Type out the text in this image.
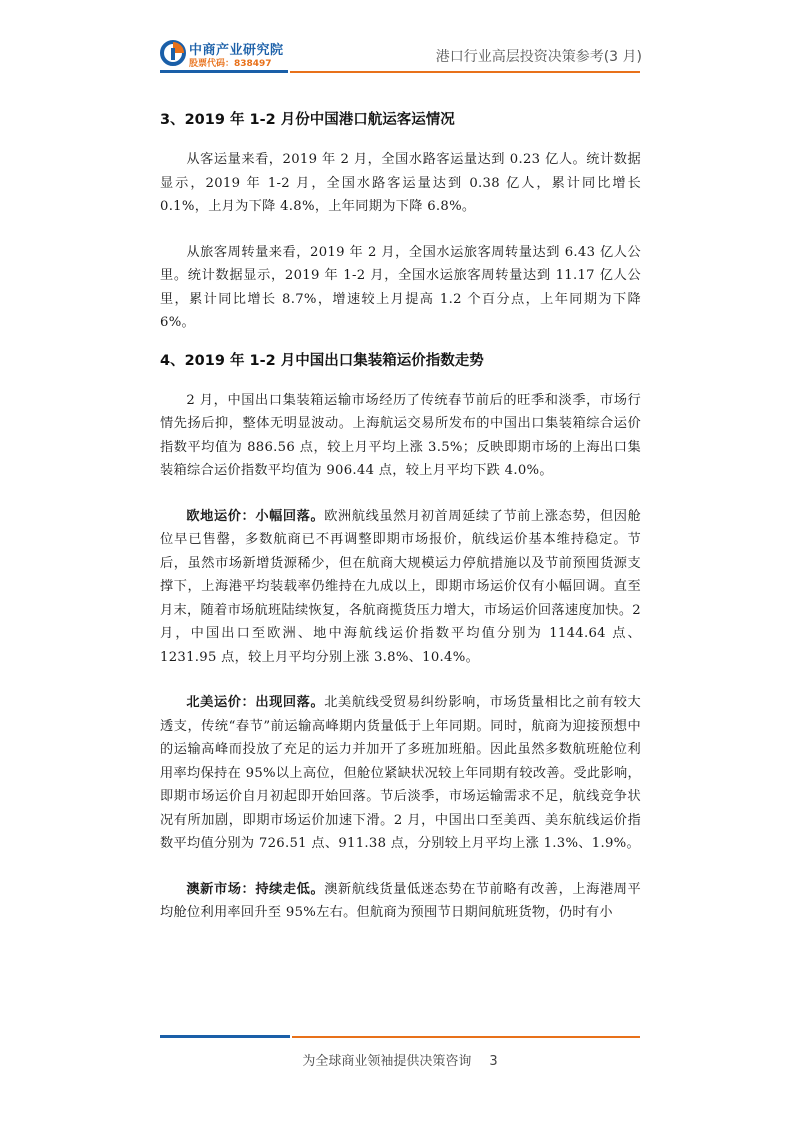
中商产业研究院
股票代码：838497	港口行业高层投资决策参考(3 月)
3、2019 年 1-2 月份中国港口航运客运情况

从客运量来看，2019 年 2 月，全国水路客运量达到 0.23 亿人。统计数据显示，2019 年 1-2 月，全国水路客运量达到 0.38 亿人，累计同比增长 0.1%，上月为下降 4.8%，上年同期为下降 6.8%。

从旅客周转量来看，2019 年 2 月，全国水运旅客周转量达到 6.43 亿人公里。统计数据显示，2019 年 1-2 月，全国水运旅客周转量达到 11.17 亿人公里，累计同比增长 8.7%，增速较上月提高 1.2 个百分点，上年同期为下降 6%。

4、2019 年 1-2 月中国出口集装箱运价指数走势

2 月，中国出口集装箱运输市场经历了传统春节前后的旺季和淡季，市场行情先扬后抑，整体无明显波动。上海航运交易所发布的中国出口集装箱综合运价指数平均值为 886.56 点，较上月平均上涨 3.5%；反映即期市场的上海出口集装箱综合运价指数平均值为 906.44 点，较上月平均下跌 4.0%。

欧地运价：小幅回落。欧洲航线虽然月初首周延续了节前上涨态势，但因舱位早已售罄，多数航商已不再调整即期市场报价，航线运价基本维持稳定。节后，虽然市场新增货源稀少，但在航商大规模运力停航措施以及节前预囤货源支撑下，上海港平均装载率仍维持在九成以上，即期市场运价仅有小幅回调。直至月末，随着市场航班陆续恢复，各航商揽货压力增大，市场运价回落速度加快。2 月，中国出口至欧洲、地中海航线运价指数平均值分别为 1144.64 点、1231.95 点，较上月平均分别上涨 3.8%、10.4%。

北美运价：出现回落。北美航线受贸易纠纷影响，市场货量相比之前有较大透支，传统“春节”前运输高峰期内货量低于上年同期。同时，航商为迎接预想中的运输高峰而投放了充足的运力并加开了多班加班船。因此虽然多数航班舱位利用率均保持在 95%以上高位，但舱位紧缺状况较上年同期有较改善。受此影响，即期市场运价自月初起即开始回落。节后淡季，市场运输需求不足，航线竞争状况有所加剧，即期市场运价加速下滑。2 月，中国出口至美西、美东航线运价指数平均值分别为 726.51 点、911.38 点，分别较上月平均上涨 1.3%、1.9%。

澳新市场：持续走低。澳新航线货量低迷态势在节前略有改善，上海港周平均舱位利用率回升至 95%左右。但航商为预囤节日期间航班货物，仍时有小

为全球商业领袖提供决策咨询 3
